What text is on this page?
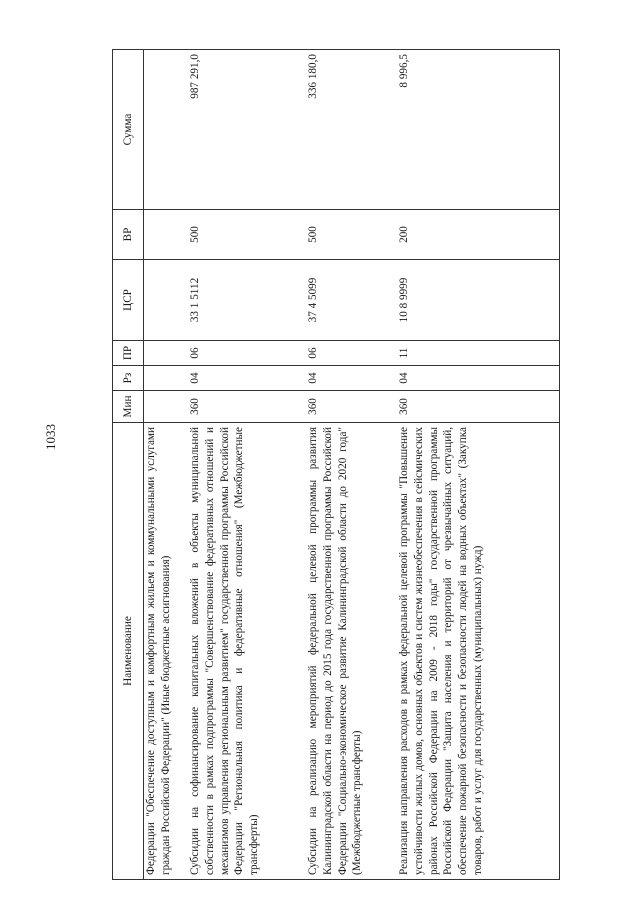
1033
Наименование	Мин	Рз	ПР	ЦСР	ВР	Сумма
Федерации "Обеспечение доступным и комфортным жильем и коммунальными услугами граждан Российской Федерации" (Иные бюджетные ассигнования)						
Субсидии на софинансирование капитальных вложений в объекты муниципальной собственности в рамках подпрограммы "Совершенствование федеративных отношений и механизмов управления региональным развитием" государственной программы Российской Федерации "Региональная политика и федеративные отношения" (Межбюджетные трансферты)	360	04	06	33 1 5112	500	987 291,0
Субсидии на реализацию мероприятий федеральной целевой программы развития Калининградской области на период до 2015 года государственной программы Российской Федерации "Социально-экономическое развитие Калининградской области до 2020 года" (Межбюджетные трансферты)	360	04	06	37 4 5099	500	336 180,0
Реализация направления расходов в рамках федеральной целевой программы "Повышение устойчивости жилых домов, основных объектов и систем жизнеобеспечения в сейсмических районах Российской Федерации на 2009 - 2018 годы" государственной программы Российской Федерации "Защита населения и территорий от чрезвычайных ситуаций, обеспечение пожарной безопасности и безопасности людей на водных объектах" (Закупка товаров, работ и услуг для государственных (муниципальных) нужд)	360	04	11	10 8 9999	200	8 996,5
